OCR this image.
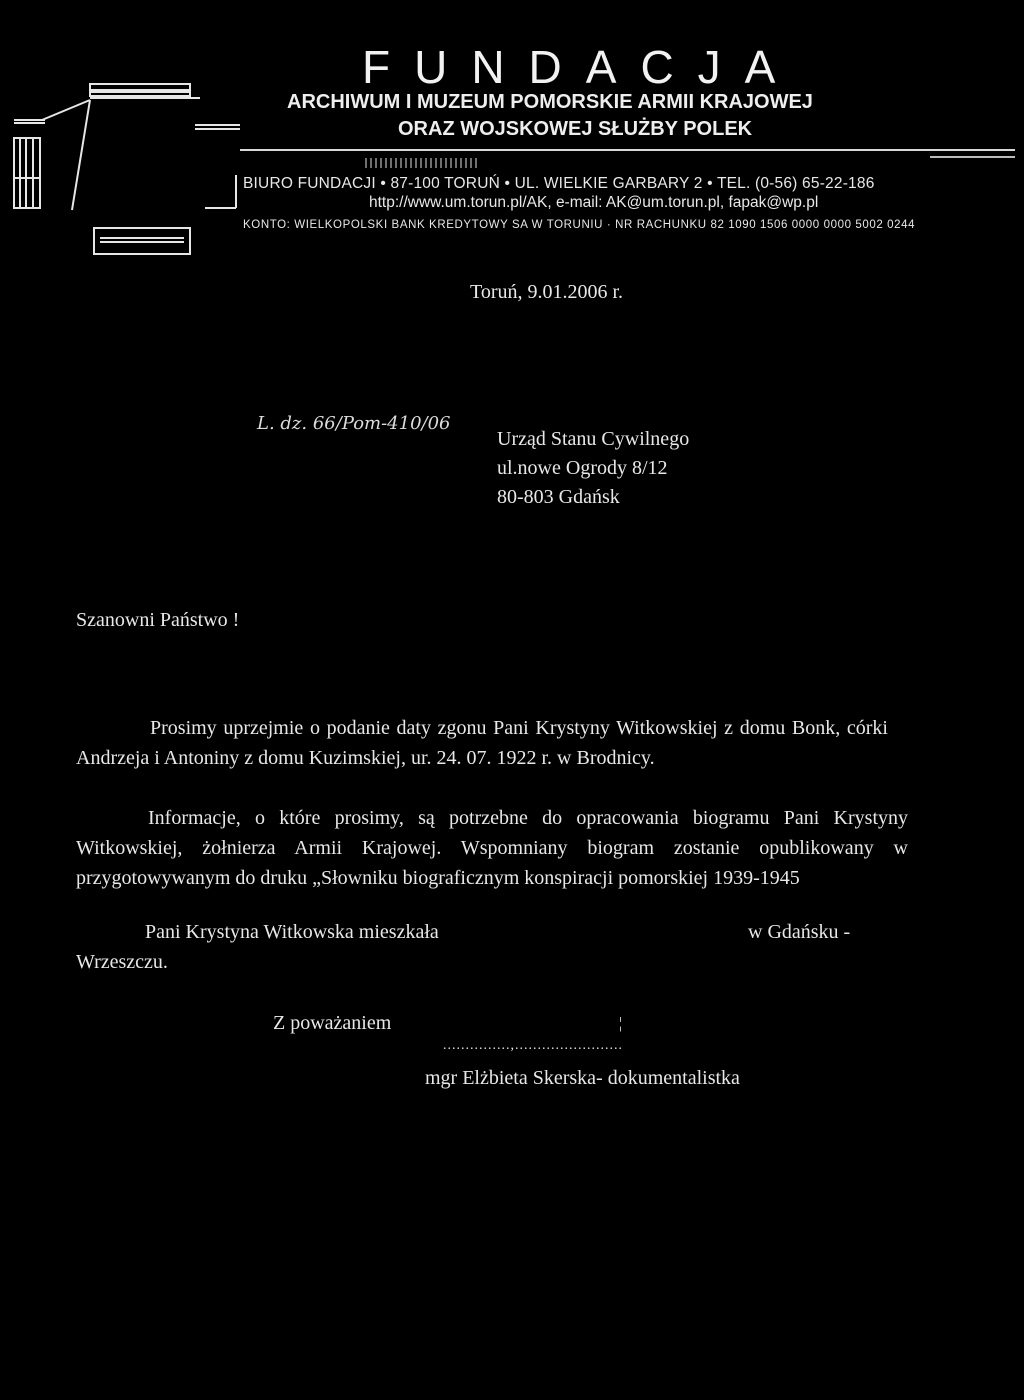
FUNDACJA
ARCHIWUM I MUZEUM POMORSKIE ARMII KRAJOWEJ
ORAZ WOJSKOWEJ SŁUŻBY POLEK
BIURO FUNDACJI • 87-100 TORUŃ • UL. WIELKIE GARBARY 2 • TEL. (0-56) 65-22-186
http://www.um.torun.pl/AK, e-mail: AK@um.torun.pl, fapak@wp.pl
KONTO: WIELKOPOLSKI BANK KREDYTOWY SA W TORUNIU · NR RACHUNKU 82 1090 1506 0000 0000 5002 0244
Toruń, 9.01.2006 r.
L. dz. 66/Pom-410/06
Urząd Stanu Cywilnego
ul.nowe Ogrody 8/12
80-803 Gdańsk
Szanowni Państwo !
Prosimy uprzejmie o podanie daty zgonu Pani Krystyny Witkowskiej z domu Bonk, córki Andrzeja i Antoniny z domu Kuzimskiej, ur. 24. 07. 1922 r. w Brodnicy.
Informacje, o które prosimy, są potrzebne do opracowania biogramu Pani Krystyny Witkowskiej, żołnierza Armii Krajowej. Wspomniany biogram zostanie opublikowany w przygotowywanym do druku „Słowniku biograficznym konspiracji pomorskiej 1939-1945
Pani Krystyna Witkowska mieszkała	w Gdańsku -
Wrzeszczu.
Z poważaniem	¦
...............,........................
mgr Elżbieta Skerska- dokumentalistka
